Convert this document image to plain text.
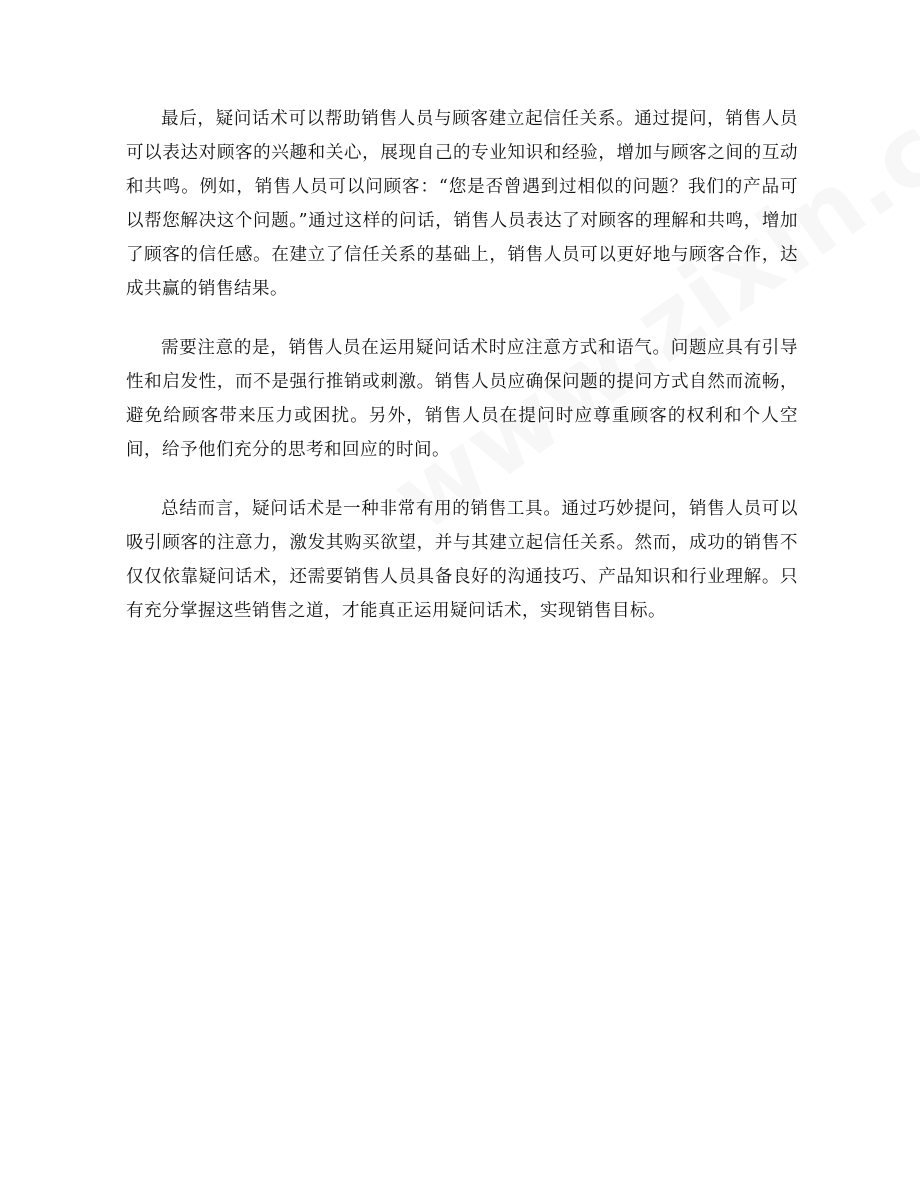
最后，疑问话术可以帮助销售人员与顾客建立起信任关系。通过提问，销售人员可以表达对顾客的兴趣和关心，展现自己的专业知识和经验，增加与顾客之间的互动和共鸣。例如，销售人员可以问顾客：“您是否曾遇到过相似的问题？我们的产品可以帮您解决这个问题。”通过这样的问话，销售人员表达了对顾客的理解和共鸣，增加了顾客的信任感。在建立了信任关系的基础上，销售人员可以更好地与顾客合作，达成共赢的销售结果。

需要注意的是，销售人员在运用疑问话术时应注意方式和语气。问题应具有引导性和启发性，而不是强行推销或刺激。销售人员应确保问题的提问方式自然而流畅，避免给顾客带来压力或困扰。另外，销售人员在提问时应尊重顾客的权利和个人空间，给予他们充分的思考和回应的时间。

总结而言，疑问话术是一种非常有用的销售工具。通过巧妙提问，销售人员可以吸引顾客的注意力，激发其购买欲望，并与其建立起信任关系。然而，成功的销售不仅仅依靠疑问话术，还需要销售人员具备良好的沟通技巧、产品知识和行业理解。只有充分掌握这些销售之道，才能真正运用疑问话术，实现销售目标。
